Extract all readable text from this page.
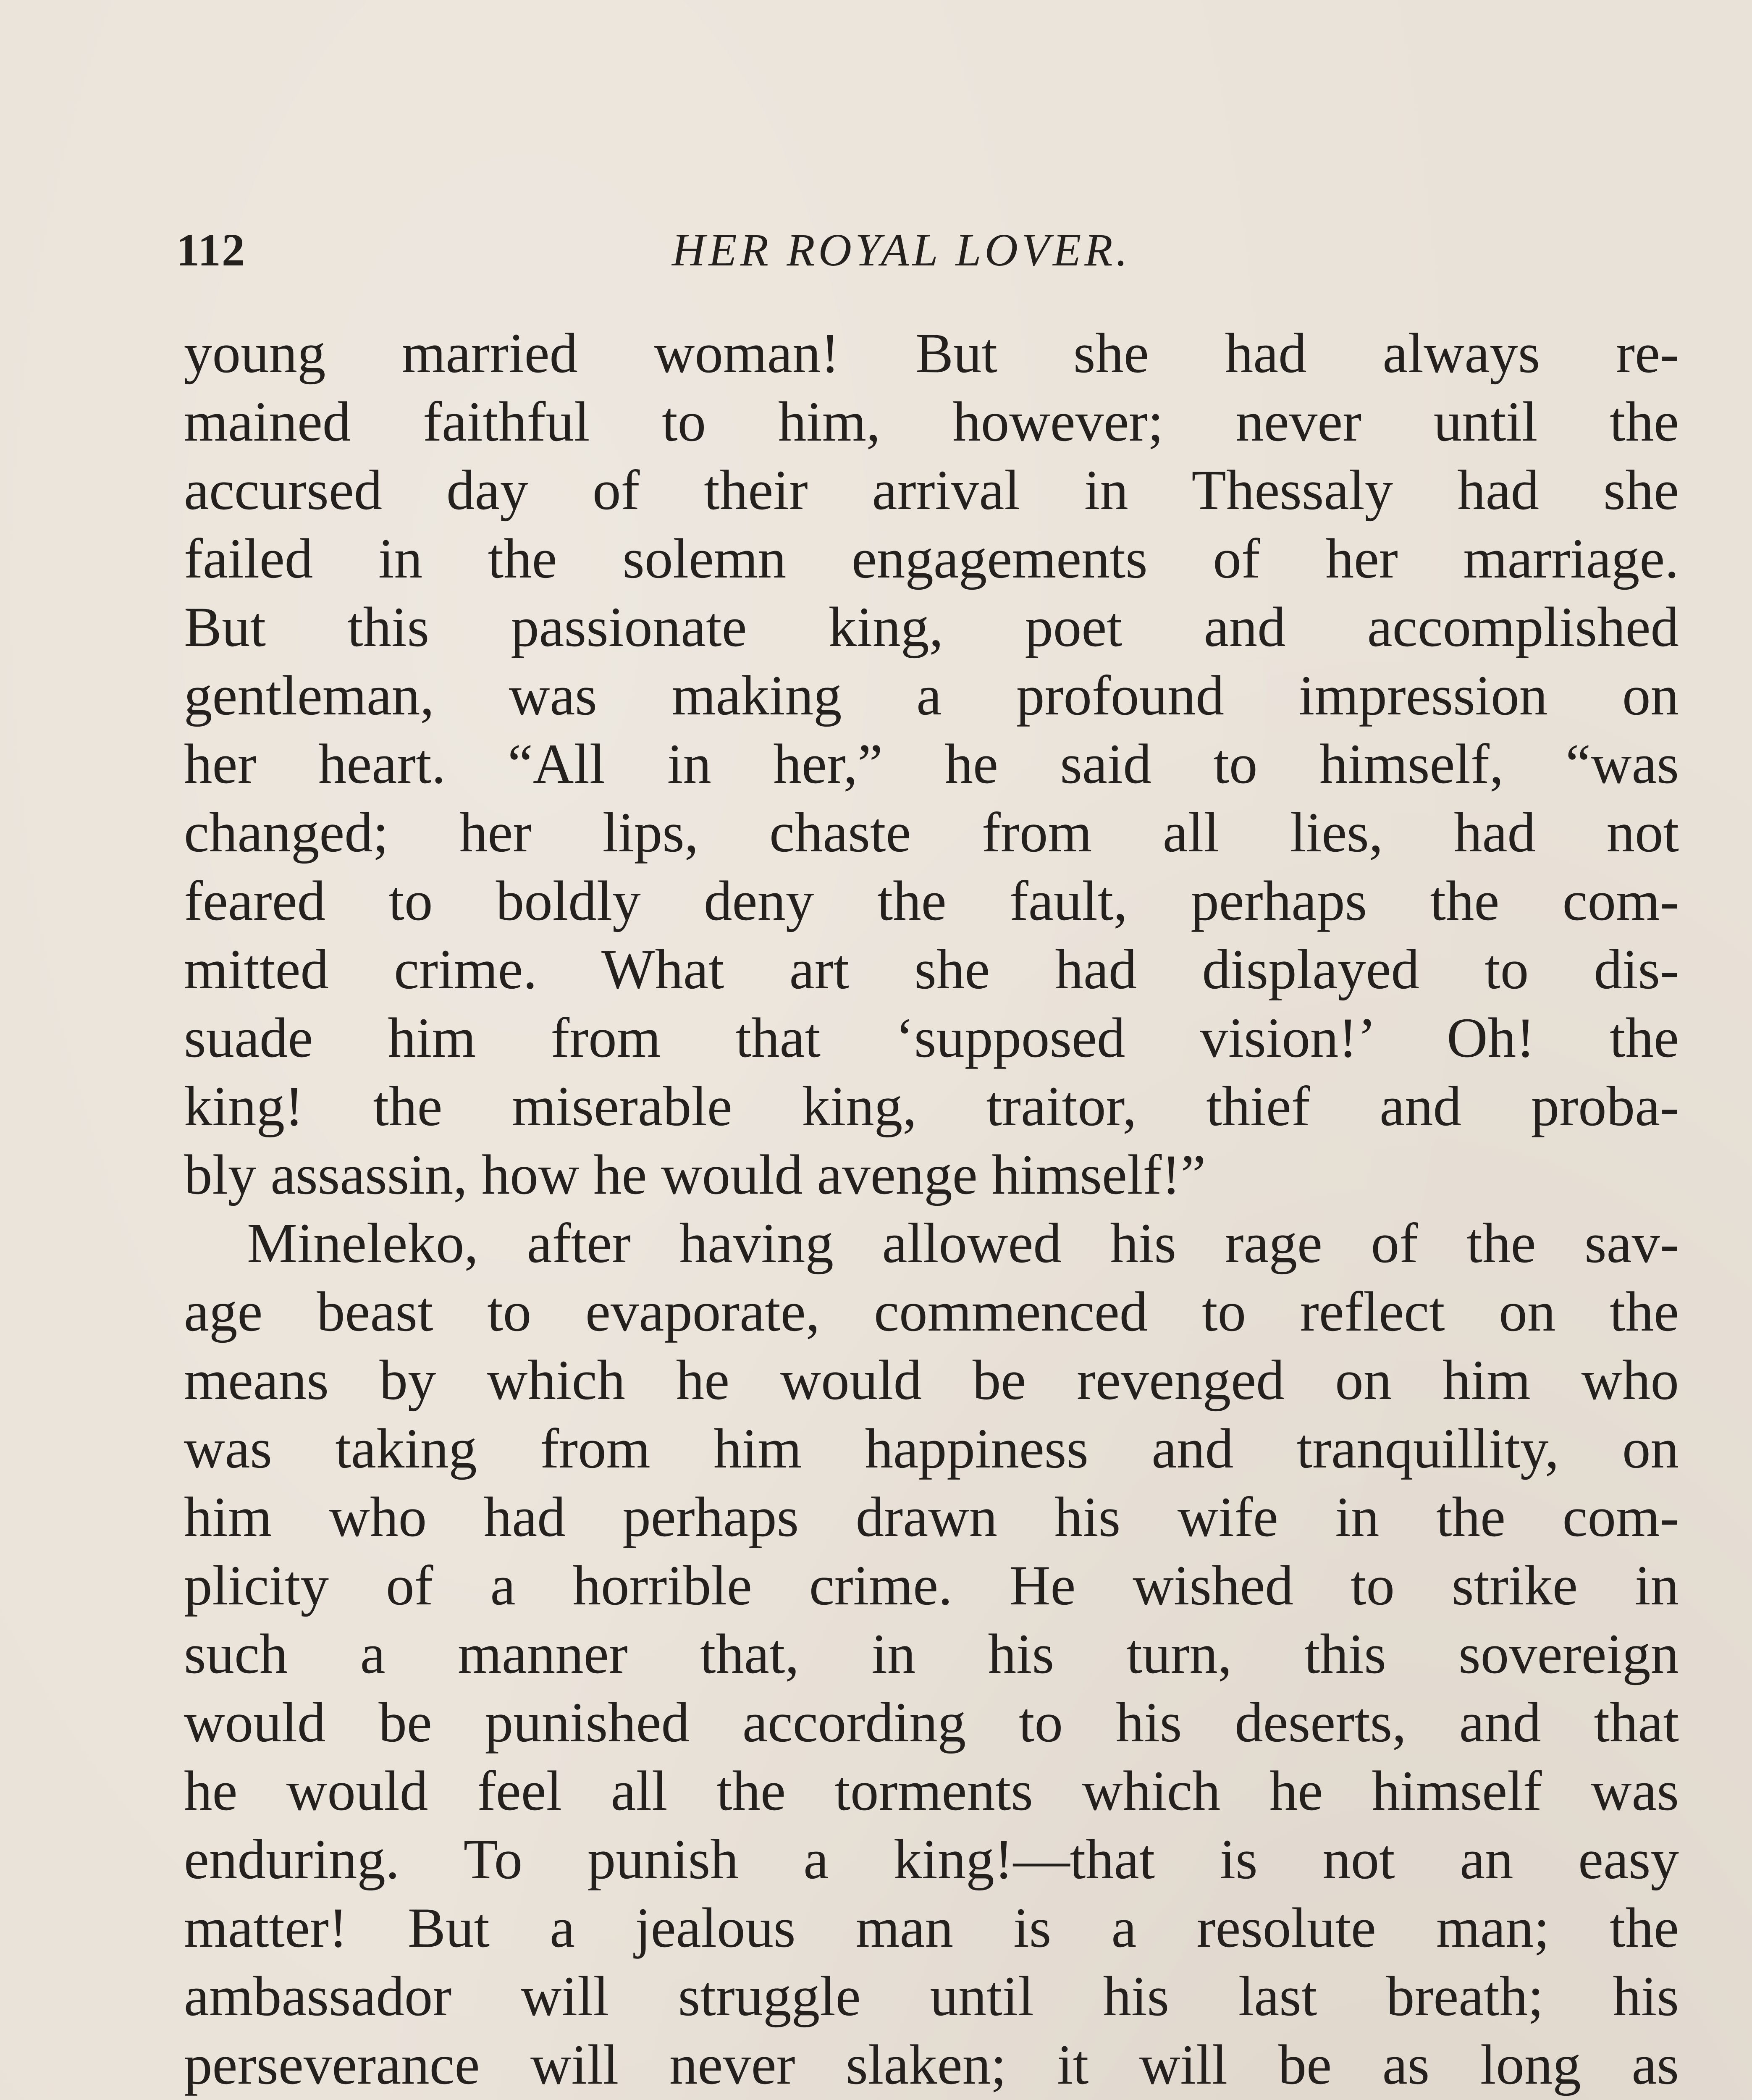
112	HER ROYAL LOVER.
young married woman! But she had always re-
mained faithful to him, however; never until the
accursed day of their arrival in Thessaly had she
failed in the solemn engagements of her marriage.
But this passionate king, poet and accomplished
gentleman, was making a profound impression on
her heart. “All in her,” he said to himself, “was
changed; her lips, chaste from all lies, had not
feared to boldly deny the fault, perhaps the com-
mitted crime. What art she had displayed to dis-
suade him from that ‘supposed vision!’ Oh! the
king! the miserable king, traitor, thief and proba-
bly assassin, how he would avenge himself!”
Mineleko, after having allowed his rage of the sav-
age beast to evaporate, commenced to reflect on the
means by which he would be revenged on him who
was taking from him happiness and tranquillity, on
him who had perhaps drawn his wife in the com-
plicity of a horrible crime. He wished to strike in
such a manner that, in his turn, this sovereign
would be punished according to his deserts, and that
he would feel all the torments which he himself was
enduring. To punish a king!—that is not an easy
matter! But a jealous man is a resolute man; the
ambassador will struggle until his last breath; his
perseverance will never slaken; it will be as long as
